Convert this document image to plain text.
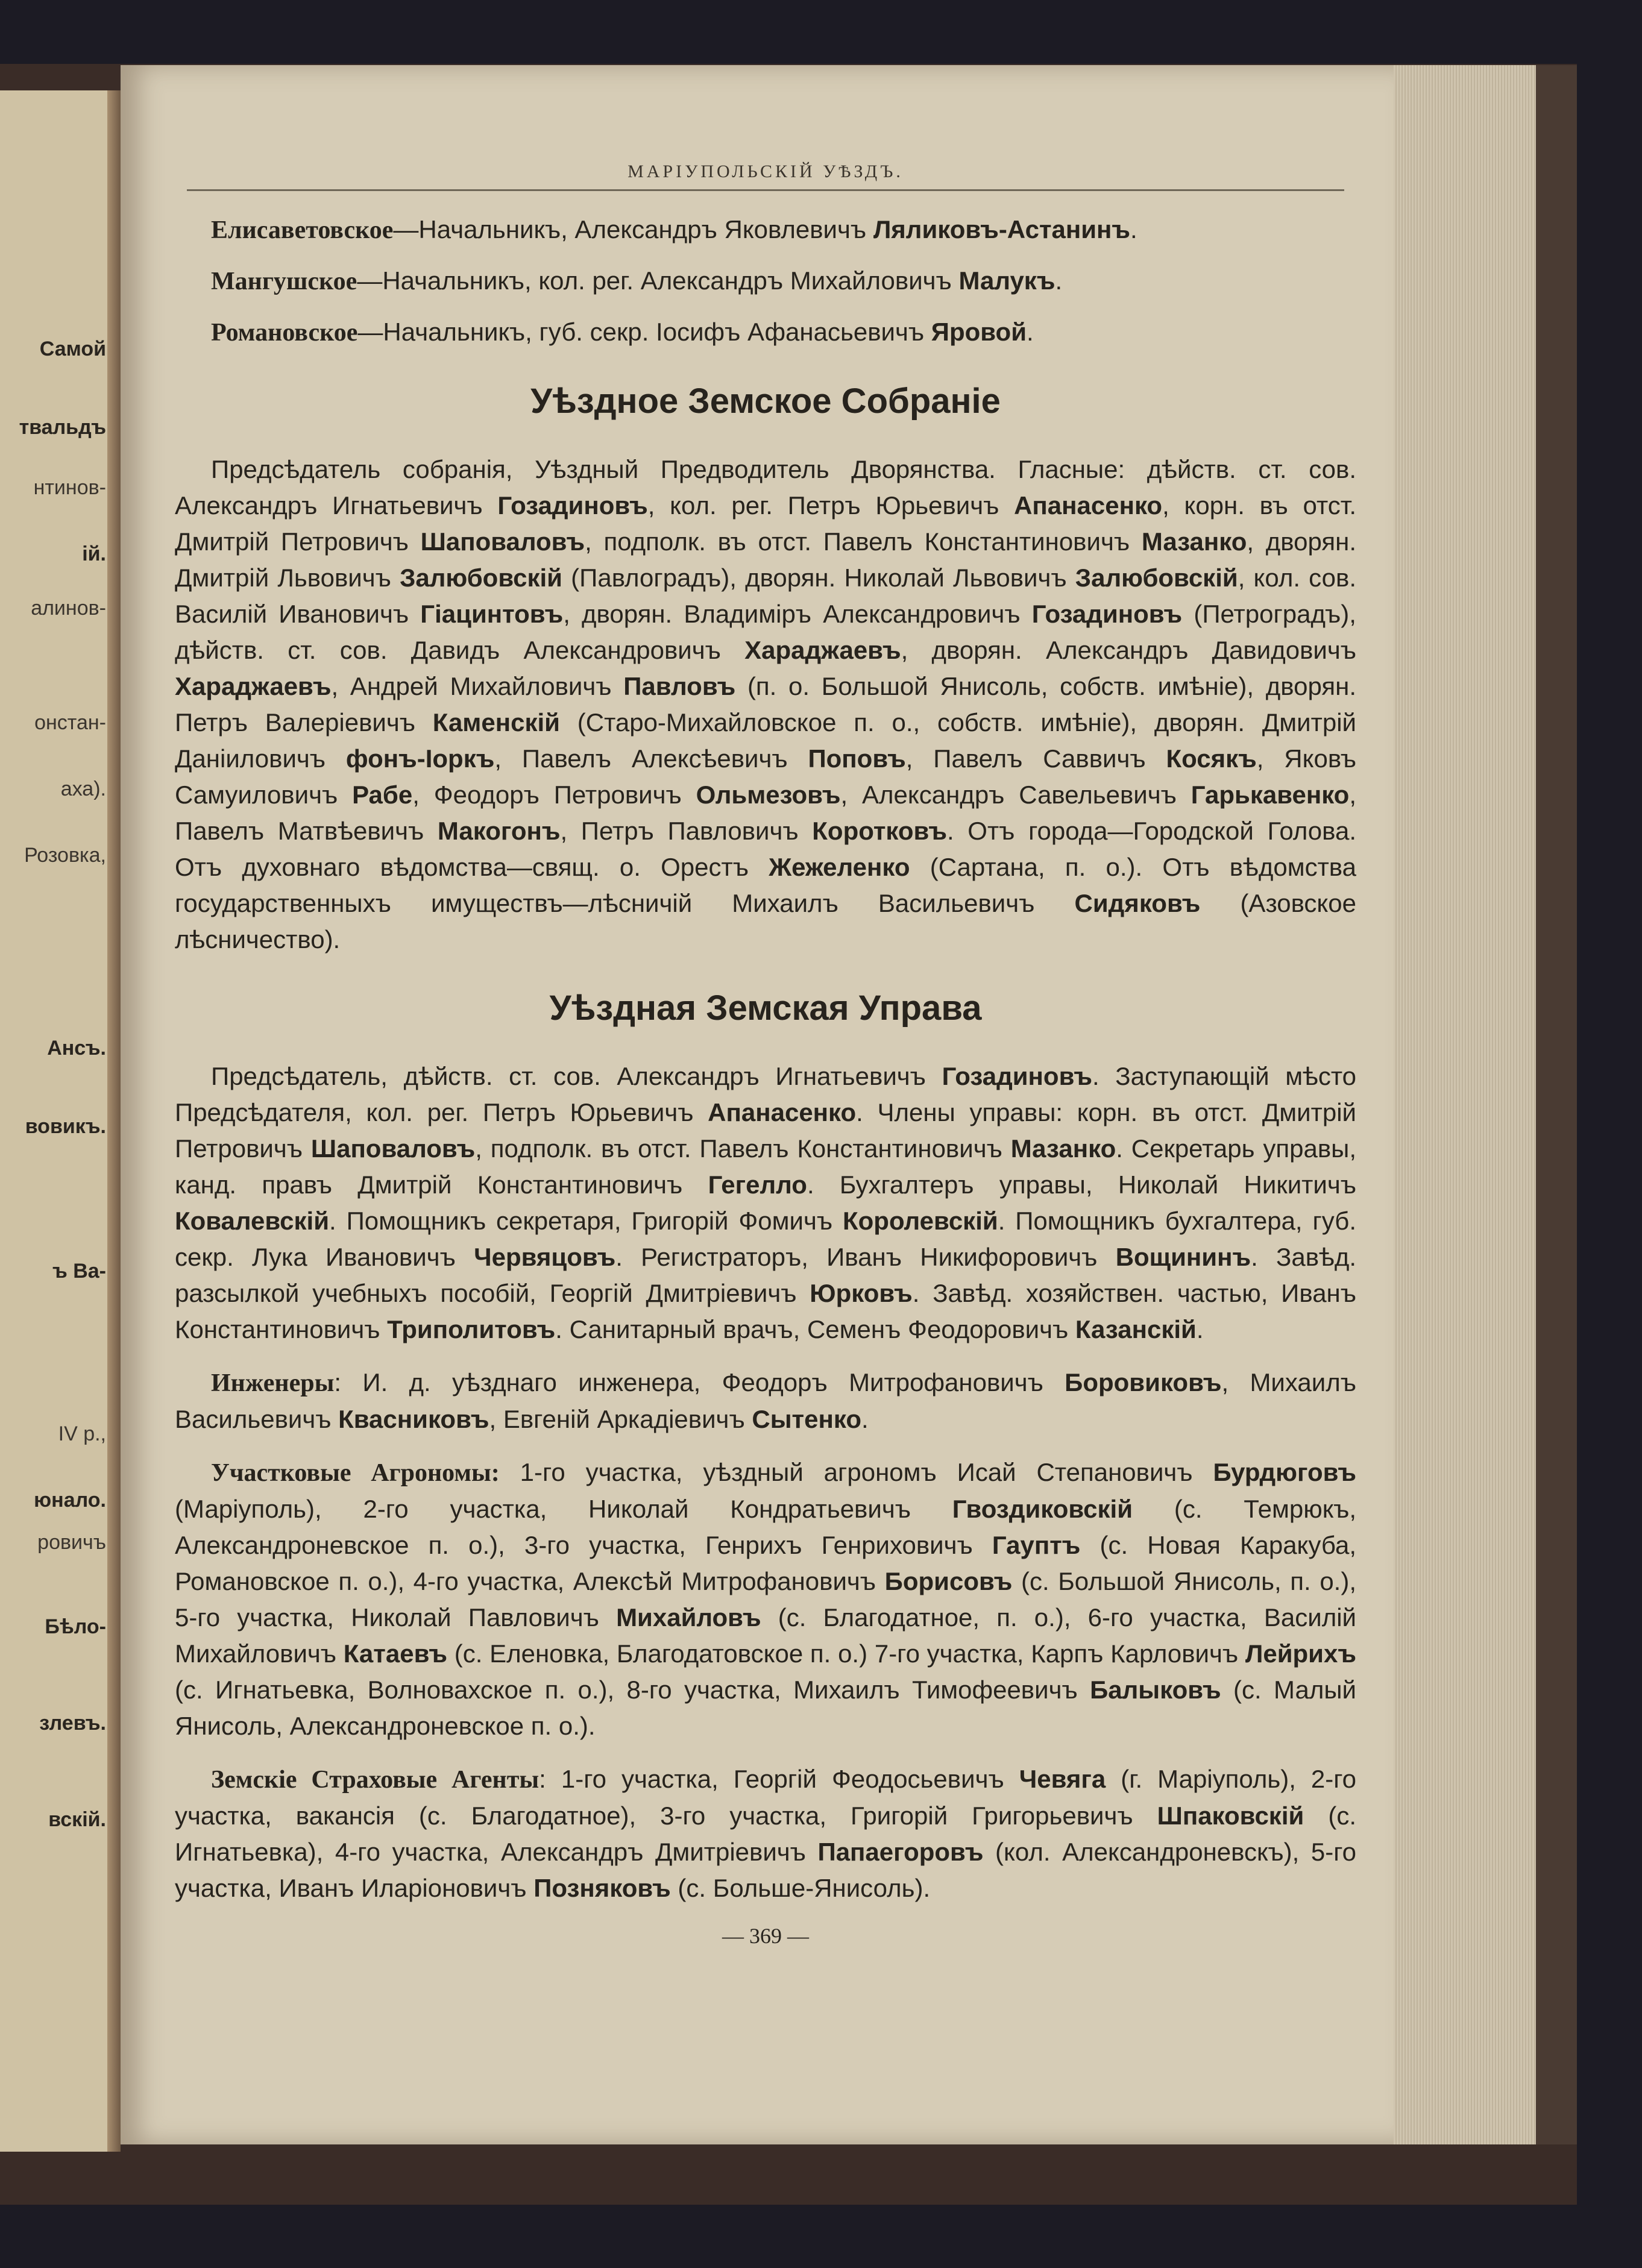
МАРІУПОЛЬСКІЙ УѢЗДЪ.

Елисаветовское—Начальникъ, Александръ Яковлевичъ Ляликовъ-Астанинъ.

Мангушское—Начальникъ, кол. рег. Александръ Михайловичъ Малукъ.

Романовское—Начальникъ, губ. секр. Іосифъ Афанасьевичъ Яровой.

Уѣздное Земское Собраніе

Предсѣдатель собранія, Уѣздный Предводитель Дворянства. Гласные: дѣйств. ст. сов. Александръ Игнатьевичъ Гозадиновъ, кол. рег. Петръ Юрьевичъ Апанасенко, корн. въ отст. Дмитрій Петровичъ Шаповаловъ, подполк. въ отст. Павелъ Константиновичъ Мазанко, дворян. Дмитрій Львовичъ Залюбовскій (Павлоградъ), дворян. Николай Львовичъ Залюбовскій, кол. сов. Василій Ивановичъ Гіацинтовъ, дворян. Владиміръ Александровичъ Гозадиновъ (Петроградъ), дѣйств. ст. сов. Давидъ Александровичъ Хараджаевъ, дворян. Александръ Давидовичъ Хараджаевъ, Андрей Михайловичъ Павловъ (п. о. Большой Янисоль, собств. имѣніе), дворян. Петръ Валеріевичъ Каменскій (Старо-Михайловское п. о., собств. имѣніе), дворян. Дмитрій Даніиловичъ фонъ-Іоркъ, Павелъ Алексѣевичъ Поповъ, Павелъ Саввичъ Косякъ, Яковъ Самуиловичъ Рабе, Феодоръ Петровичъ Ольмезовъ, Александръ Савельевичъ Гарькавенко, Павелъ Матвѣевичъ Макогонъ, Петръ Павловичъ Коротковъ. Отъ города—Городской Голова. Отъ духовнаго вѣдомства—свящ. о. Орестъ Жежеленко (Сартана, п. о.). Отъ вѣдомства государственныхъ имуществъ—лѣсничій Михаилъ Васильевичъ Сидяковъ (Азовское лѣсничество).

Уѣздная Земская Управа

Предсѣдатель, дѣйств. ст. сов. Александръ Игнатьевичъ Гозадиновъ. Заступающій мѣсто Предсѣдателя, кол. рег. Петръ Юрьевичъ Апанасенко. Члены управы: корн. въ отст. Дмитрій Петровичъ Шаповаловъ, подполк. въ отст. Павелъ Константиновичъ Мазанко. Секретарь управы, канд. правъ Дмитрій Константиновичъ Гегелло. Бухгалтеръ управы, Николай Никитичъ Ковалевскій. Помощникъ секретаря, Григорій Фомичъ Королевскій. Помощникъ бухгалтера, губ. секр. Лука Ивановичъ Червяцовъ. Регистраторъ, Иванъ Никифоровичъ Вощининъ. Завѣд. разсылкой учебныхъ пособій, Георгій Дмитріевичъ Юрковъ. Завѣд. хозяйствен. частью, Иванъ Константиновичъ Триполитовъ. Санитарный врачъ, Семенъ Феодоровичъ Казанскій.

Инженеры: И. д. уѣзднаго инженера, Феодоръ Митрофановичъ Боровиковъ, Михаилъ Васильевичъ Квасниковъ, Евгеній Аркадіевичъ Сытенко.

Участковые Агрономы: 1-го участка, уѣздный агрономъ Исай Степановичъ Бурдюговъ (Маріуполь), 2-го участка, Николай Кондратьевичъ Гвоздиковскій (с. Темрюкъ, Александроневское п. о.), 3-го участка, Генрихъ Генриховичъ Гауптъ (с. Новая Каракуба, Романовское п. о.), 4-го участка, Алексѣй Митрофановичъ Борисовъ (с. Большой Янисоль, п. о.), 5-го участка, Николай Павловичъ Михайловъ (с. Благодатное, п. о.), 6-го участка, Василій Михайловичъ Катаевъ (с. Еленовка, Благодатовское п. о.) 7-го участка, Карпъ Карловичъ Лейрихъ (с. Игнатьевка, Волновахское п. о.), 8-го участка, Михаилъ Тимофеевичъ Балыковъ (с. Малый Янисоль, Александроневское п. о.).

Земскіе Страховые Агенты: 1-го участка, Георгій Феодосьевичъ Чевяга (г. Маріуполь), 2-го участка, вакансія (с. Благодатное), 3-го участка, Григорій Григорьевичъ Шпаковскій (с. Игнатьевка), 4-го участка, Александръ Дмитріевичъ Папаегоровъ (кол. Александроневскъ), 5-го участка, Иванъ Иларіоновичъ Позняковъ (с. Больше-Янисоль).

— 369 —
Самой
твальдъ
нтинов-
ій.
алинов-
онстан-
аха).
Розовка,
Ансъ.
вовикъ.
ъ Ва-
IV р.,
юнало.
ровичъ
Бѣло-
злевъ.
вскій.
